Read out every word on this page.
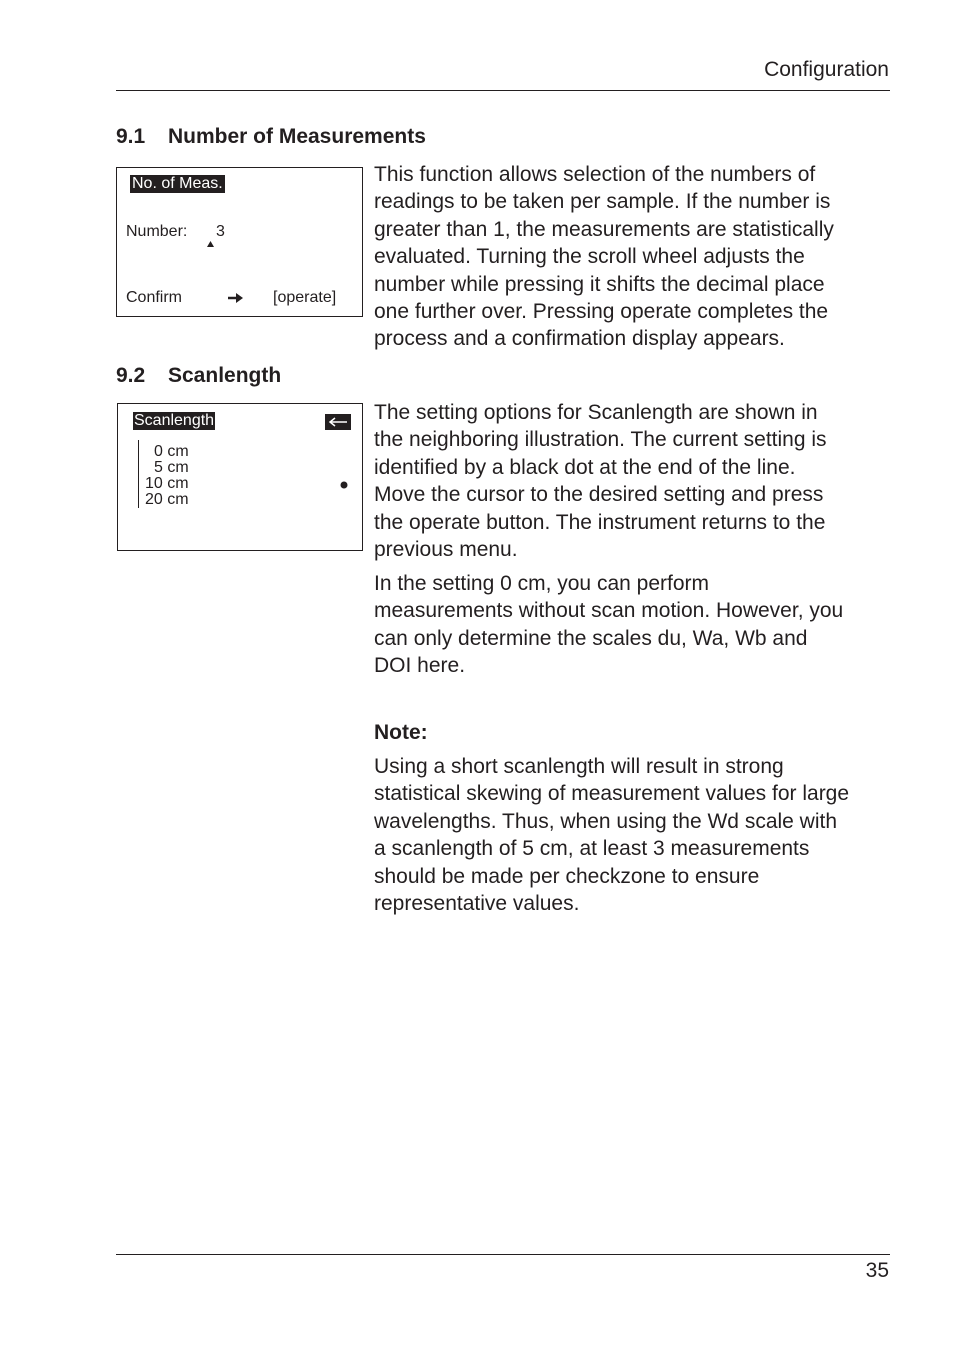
Configuration
9.1 Number of Measurements
No. of Meas.
Number: 3
Confirm	[operate]
This function allows selection of the numbers of
readings to be taken per sample. If the number is
greater than 1, the measurements are statistically
evaluated. Turning the scroll wheel adjusts the
number while pressing it shifts the decimal place
one further over. Pressing operate completes the
process and a confirmation display appears.
9.2 Scanlength
Scanlength
0 cm
5 cm
10 cm
20 cm
The setting options for Scanlength are shown in
the neighboring illustration. The current setting is
identified by a black dot at the end of the line.
Move the cursor to the desired setting and press
the operate button. The instrument returns to the
previous menu.
In the setting 0 cm, you can perform
measurements without scan motion. However, you
can only determine the scales du, Wa, Wb and
DOI here.
Note:
Using a short scanlength will result in strong
statistical skewing of measurement values for large
wavelengths. Thus, when using the Wd scale with
a scanlength of 5 cm, at least 3 measurements
should be made per checkzone to ensure
representative values.
35
